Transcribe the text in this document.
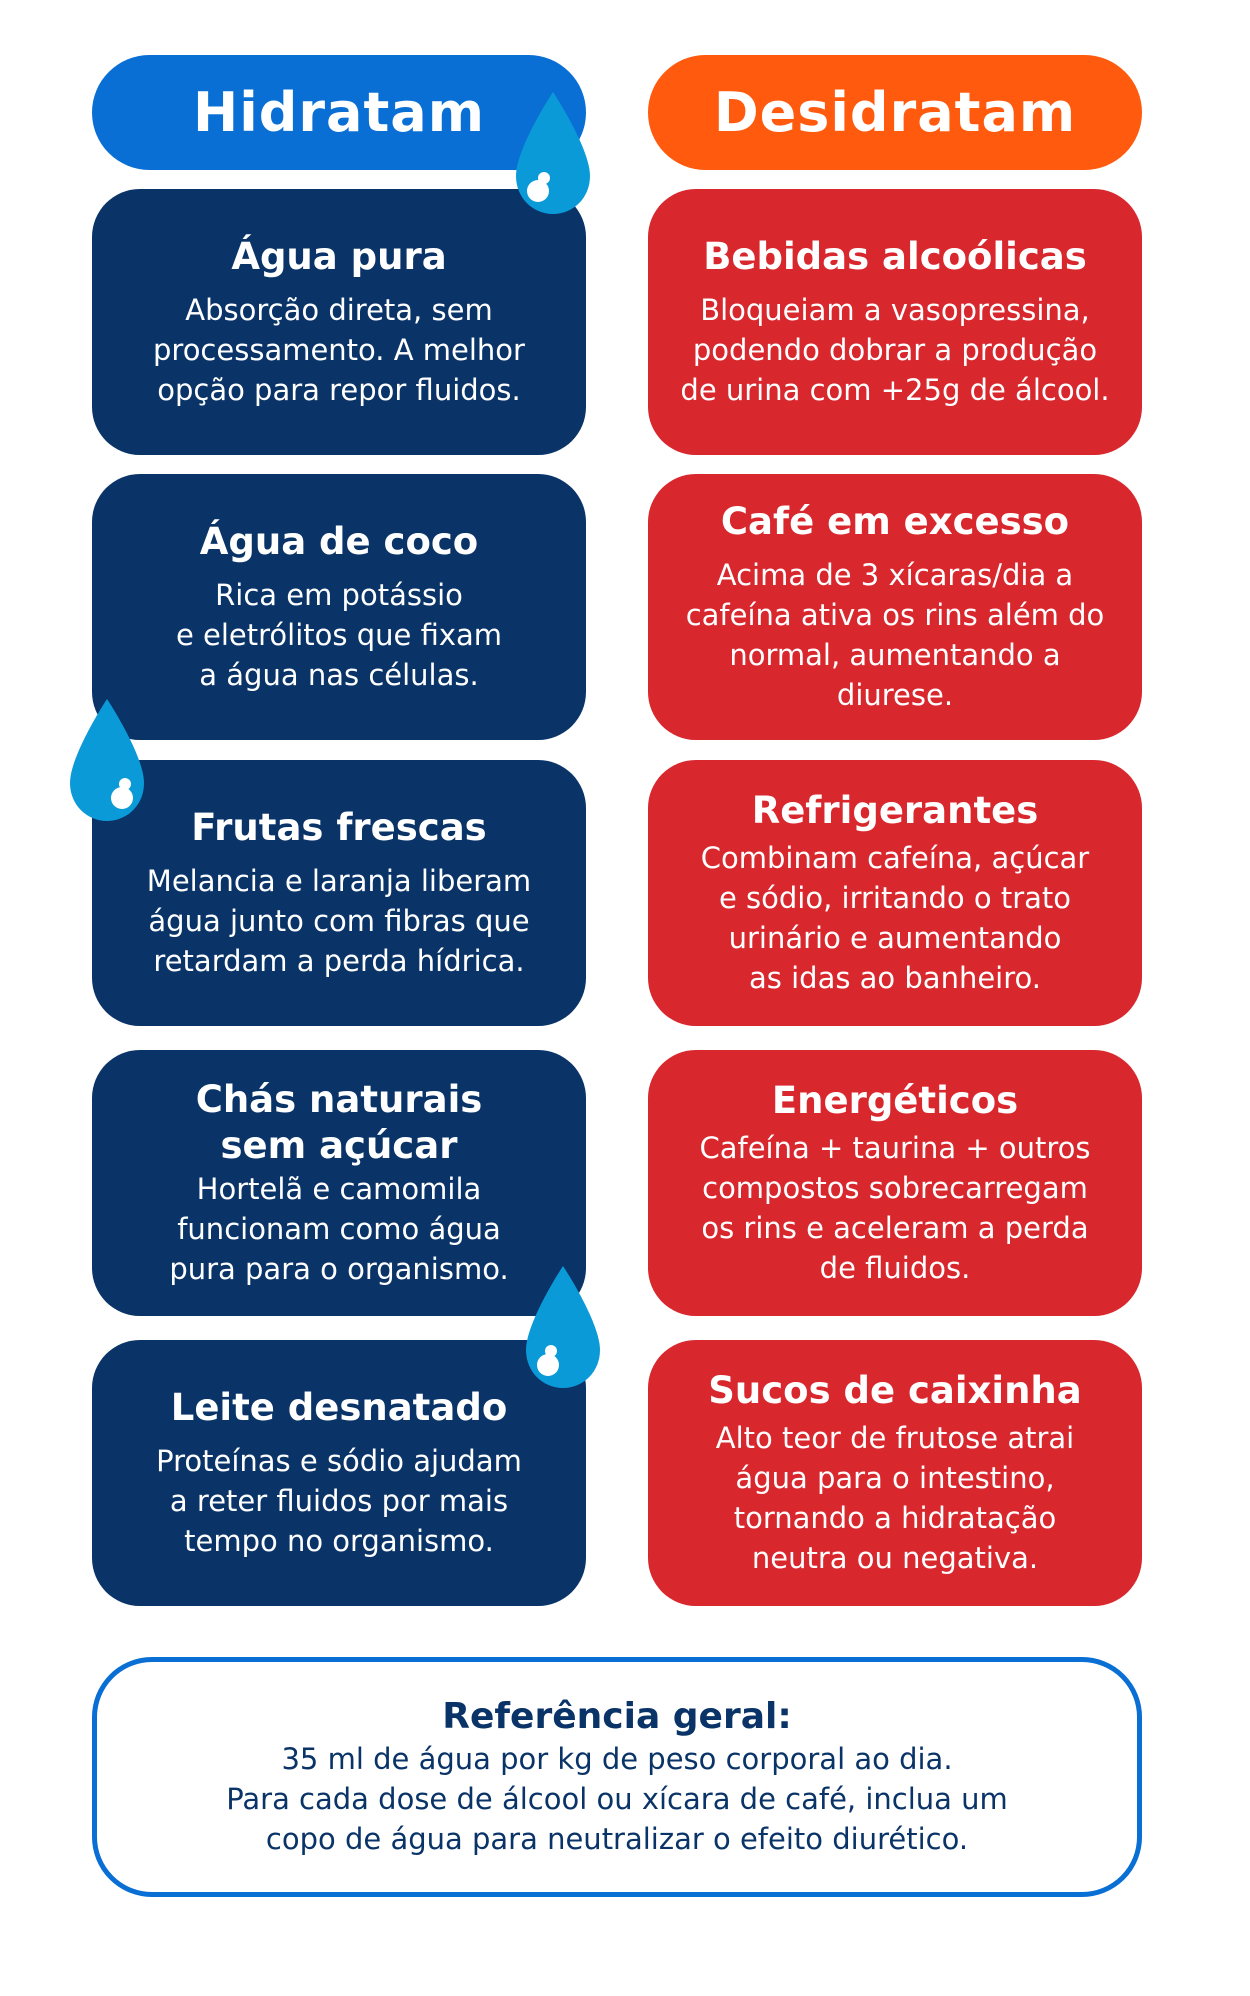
Hidratam	Desidratam
Água pura
Absorção direta, sem
processamento. A melhor
opção para repor fluidos.
Água de coco
Rica em potássio
e eletrólitos que fixam
a água nas células.
Frutas frescas
Melancia e laranja liberam
água junto com fibras que
retardam a perda hídrica.
Chás naturais
sem açúcar
Hortelã e camomila
funcionam como água
pura para o organismo.
Leite desnatado
Proteínas e sódio ajudam
a reter fluidos por mais
tempo no organismo.
Bebidas alcoólicas
Bloqueiam a vasopressina,
podendo dobrar a produção
de urina com +25g de álcool.
Café em excesso
Acima de 3 xícaras/dia a
cafeína ativa os rins além do
normal, aumentando a diurese.
Refrigerantes
Combinam cafeína, açúcar
e sódio, irritando o trato
urinário e aumentando
as idas ao banheiro.
Energéticos
Cafeína + taurina + outros
compostos sobrecarregam
os rins e aceleram a perda
de fluidos.
Sucos de caixinha
Alto teor de frutose atrai
água para o intestino,
tornando a hidratação
neutra ou negativa.
Referência geral:
35 ml de água por kg de peso corporal ao dia.
Para cada dose de álcool ou xícara de café, inclua um
copo de água para neutralizar o efeito diurético.
